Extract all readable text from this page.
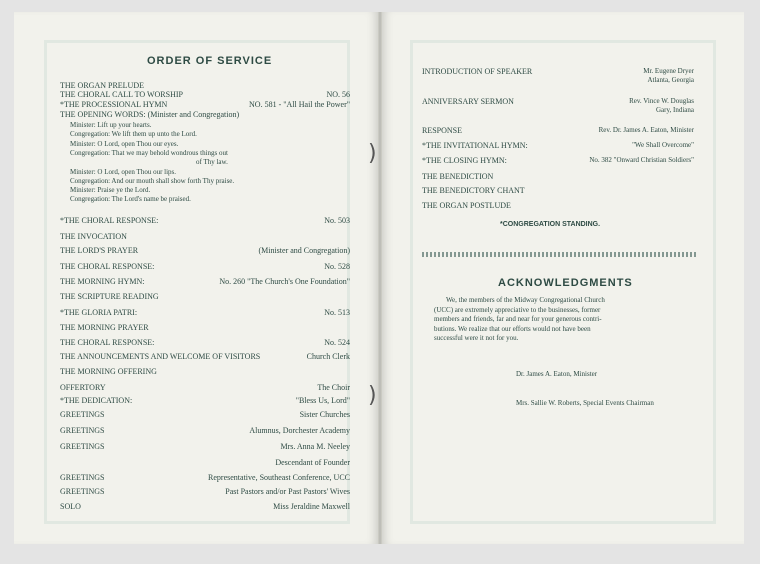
)
)
ORDER OF SERVICE
THE ORGAN PRELUDE
THE CHORAL CALL TO WORSHIP	NO. 56
*THE PROCESSIONAL HYMN	NO. 581 - "All Hail the Power"
THE OPENING WORDS: (Minister and Congregation)
Minister: Lift up your hearts.
Congregation: We lift them up unto the Lord.
Minister: O Lord, open Thou our eyes.
Congregation: That we may behold wondrous things out
of Thy law.
Minister: O Lord, open Thou our lips.
Congregation: And our mouth shall show forth Thy praise.
Minister: Praise ye the Lord.
Congregation: The Lord's name be praised.
*THE CHORAL RESPONSE:	No. 503
THE INVOCATION
THE LORD'S PRAYER	(Minister and Congregation)
THE CHORAL RESPONSE:	No. 528
THE MORNING HYMN:	No. 260 "The Church's One Foundation"
THE SCRIPTURE READING
*THE GLORIA PATRI:	No. 513
THE MORNING PRAYER
THE CHORAL RESPONSE:	No. 524
THE ANNOUNCEMENTS AND WELCOME OF VISITORS	Church Clerk
THE MORNING OFFERING
OFFERTORY	The Choir
*THE DEDICATION:	"Bless Us, Lord"
GREETINGS	Sister Churches
GREETINGS	Alumnus, Dorchester Academy
GREETINGS	Mrs. Anna M. Neeley
Descendant of Founder
GREETINGS	Representative, Southeast Conference, UCC
GREETINGS	Past Pastors and/or Past Pastors' Wives
SOLO	Miss Jeraldine Maxwell
INTRODUCTION OF SPEAKER	Mr. Eugene Dryer
Atlanta, Georgia
ANNIVERSARY SERMON	Rev. Vince W. Douglas
Gary, Indiana
RESPONSE	Rev. Dr. James A. Eaton, Minister
*THE INVITATIONAL HYMN:	"We Shall Overcome"
*THE CLOSING HYMN:	No. 382 "Onward Christian Soldiers"
THE BENEDICTION
THE BENEDICTORY CHANT
THE ORGAN POSTLUDE
*CONGREGATION STANDING.
ACKNOWLEDGMENTS
We, the members of the Midway Congregational Church
(UCC) are extremely appreciative to the businesses, former
members and friends, far and near for your generous contri-
butions. We realize that our efforts would not have been
successful were it not for you.
Dr. James A. Eaton, Minister
Mrs. Sallie W. Roberts, Special Events Chairman
